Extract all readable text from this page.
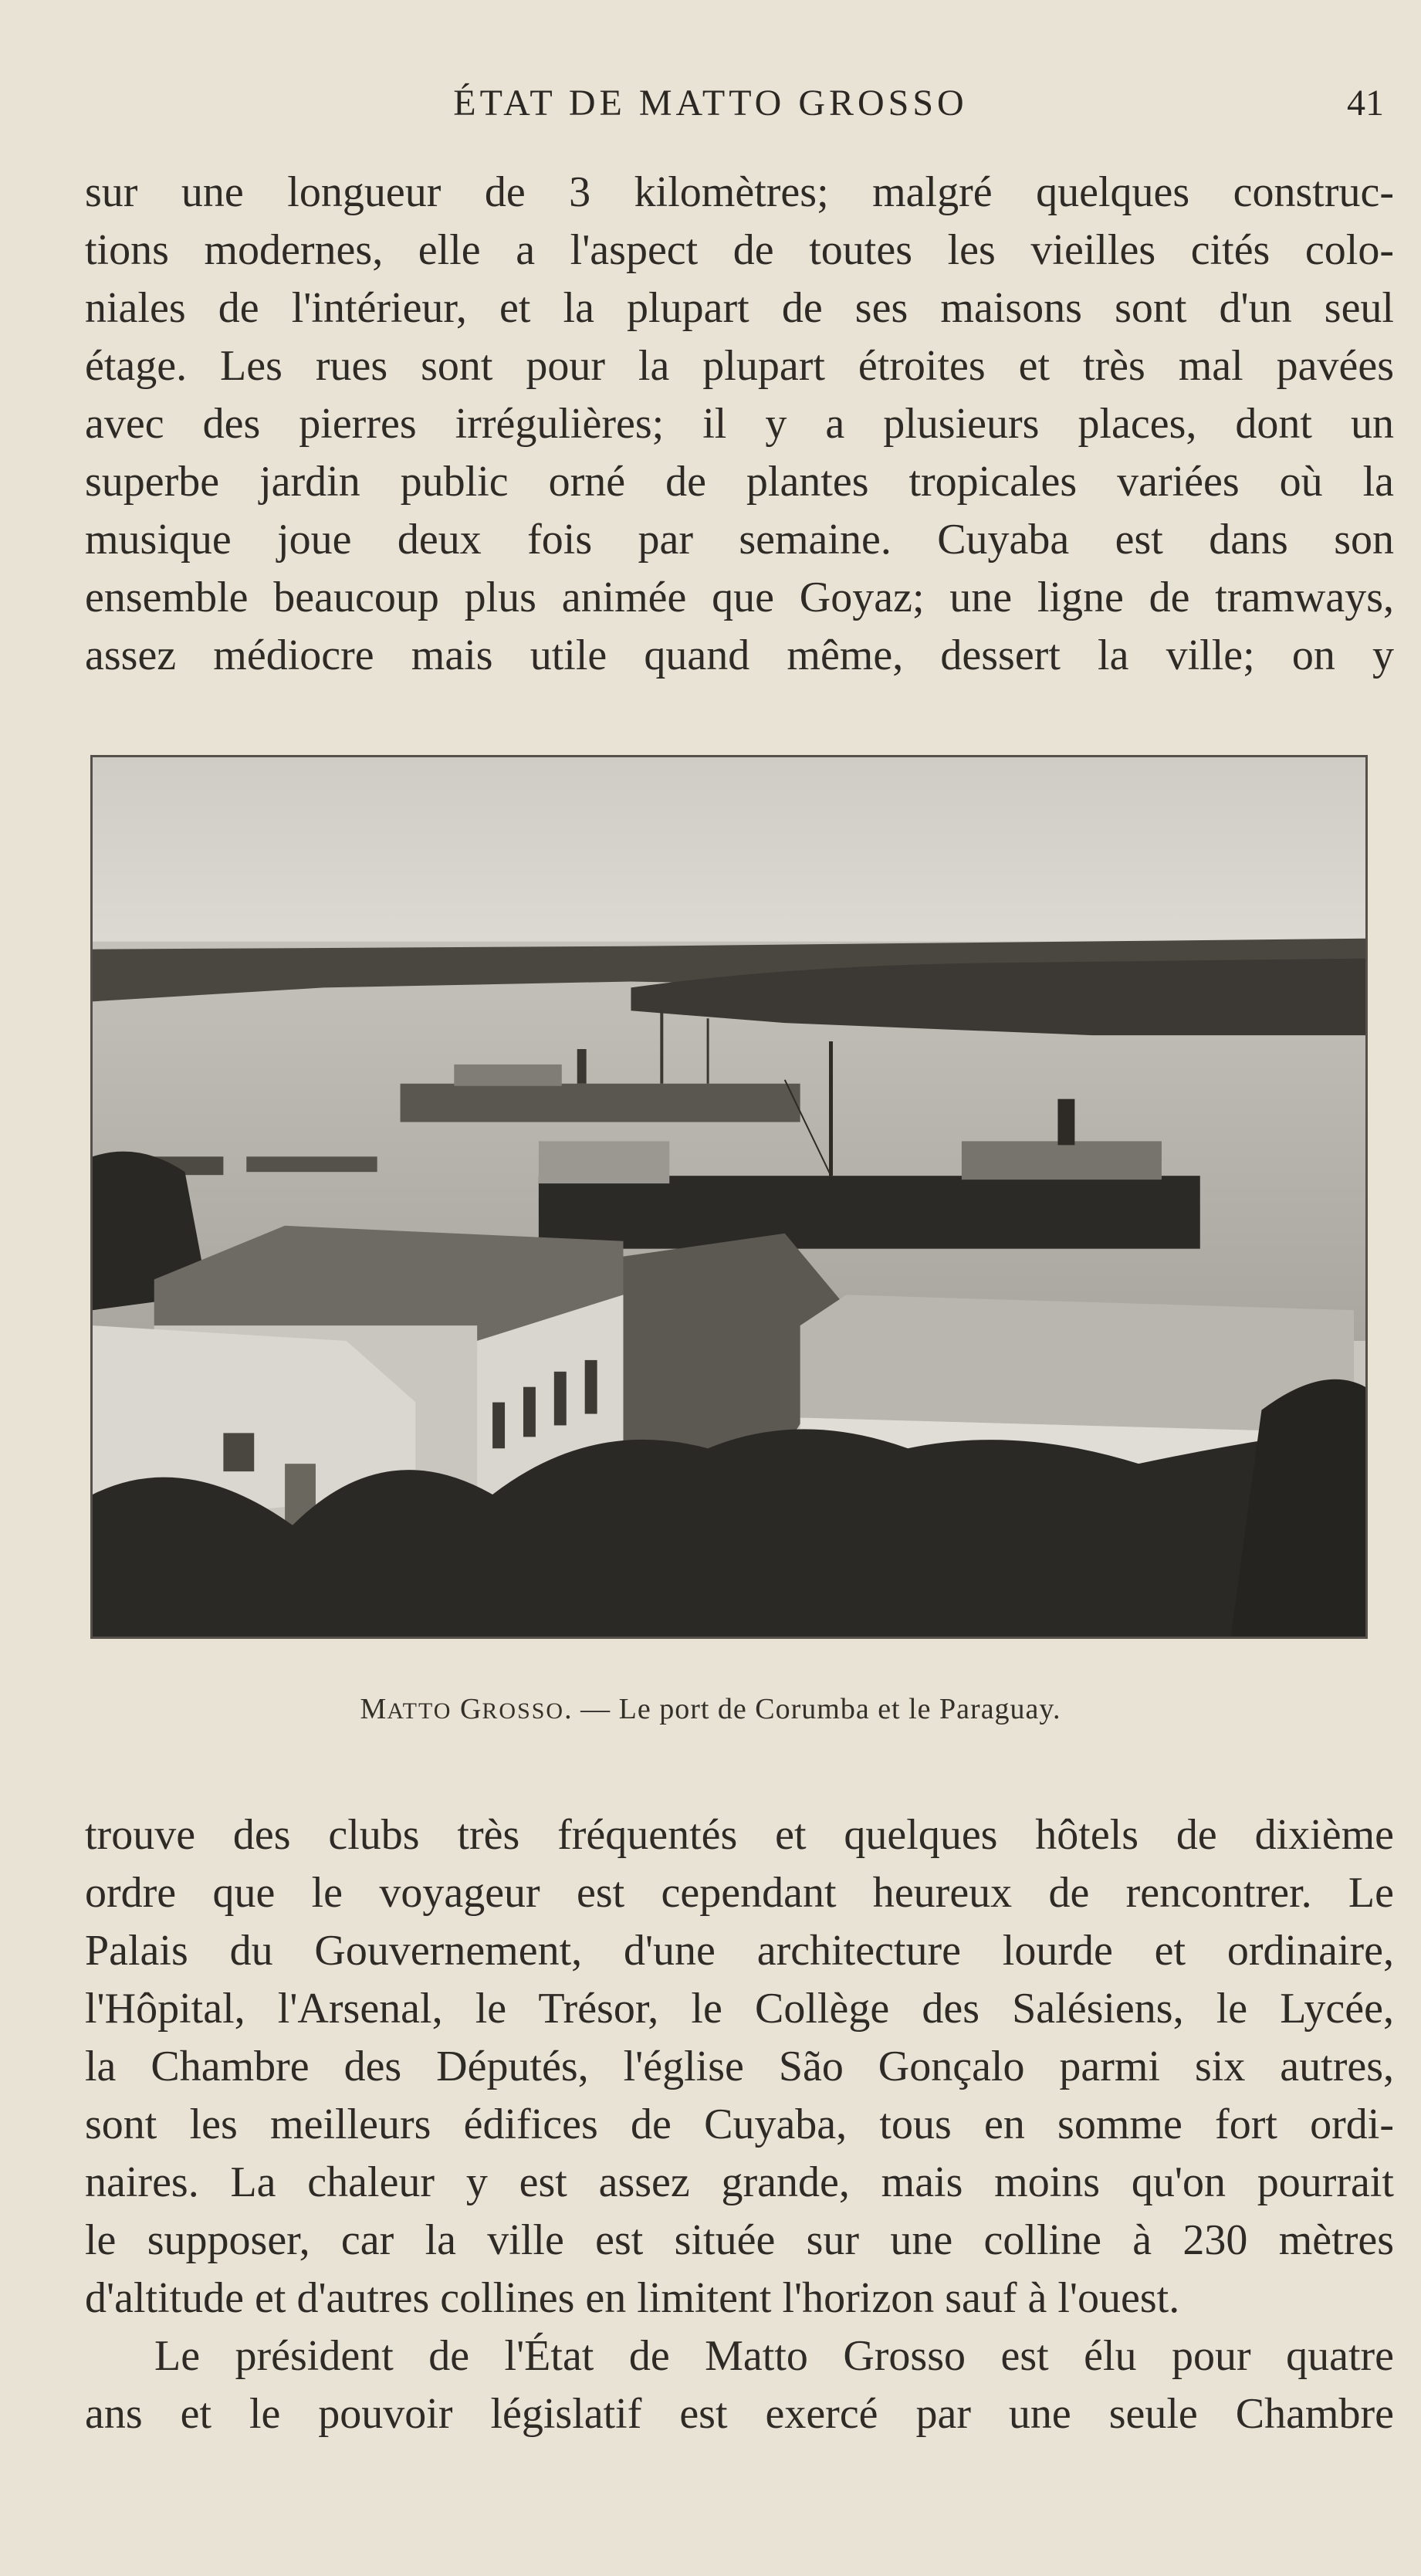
ÉTAT DE MATTO GROSSO	41
sur une longueur de 3 kilomètres; malgré quelques construc-
tions modernes, elle a l'aspect de toutes les vieilles cités colo-
niales de l'intérieur, et la plupart de ses maisons sont d'un seul
étage. Les rues sont pour la plupart étroites et très mal pavées
avec des pierres irrégulières; il y a plusieurs places, dont un
superbe jardin public orné de plantes tropicales variées où la
musique joue deux fois par semaine. Cuyaba est dans son
ensemble beaucoup plus animée que Goyaz; une ligne de tramways,
assez médiocre mais utile quand même, dessert la ville; on y
MATTO GROSSO. — Le port de Corumba et le Paraguay.
trouve des clubs très fréquentés et quelques hôtels de dixième
ordre que le voyageur est cependant heureux de rencontrer. Le
Palais du Gouvernement, d'une architecture lourde et ordinaire,
l'Hôpital, l'Arsenal, le Trésor, le Collège des Salésiens, le Lycée,
la Chambre des Députés, l'église São Gonçalo parmi six autres,
sont les meilleurs édifices de Cuyaba, tous en somme fort ordi-
naires. La chaleur y est assez grande, mais moins qu'on pourrait
le supposer, car la ville est située sur une colline à 230 mètres
d'altitude et d'autres collines en limitent l'horizon sauf à l'ouest.
Le président de l'État de Matto Grosso est élu pour quatre
ans et le pouvoir législatif est exercé par une seule Chambre
